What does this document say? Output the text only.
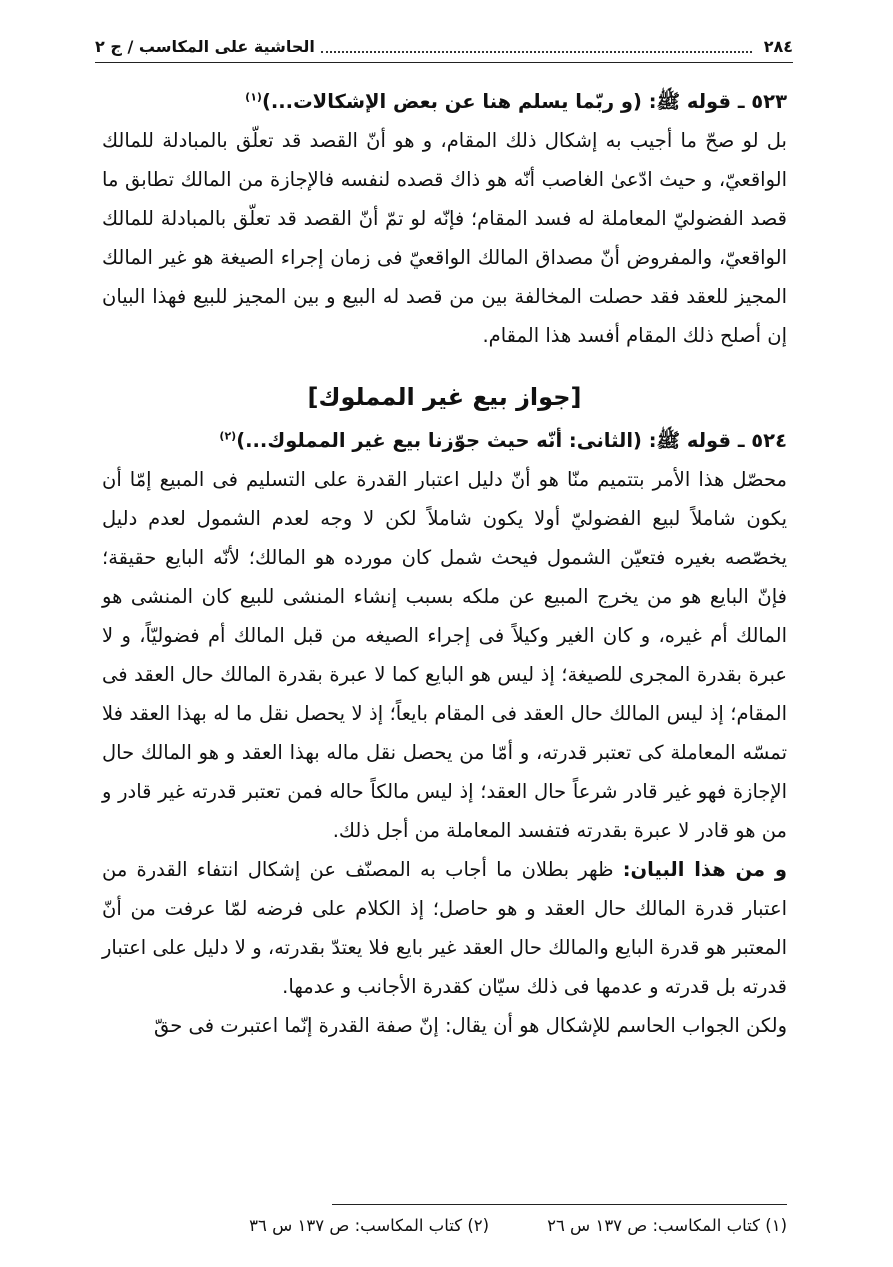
٢٨٤
الحاشية على المكاسب / ج ٢

٥٢٣ ـ قوله ﷺ: (و ربّما يسلم هنا عن بعض الإشكالات...)$^{(١)}$

بل لو صحّ ما أجيب به إشكال ذلك المقام، و هو أنّ القصد قد تعلّق بالمبادلة للمالك الواقعيّ، و حيث ادّعىٰ الغاصب أنّه هو ذاك قصده لنفسه فالإجازة من المالك تطابق ما قصد الفضوليّ المعاملة له فسد المقام؛ فإنّه لو تمّ أنّ القصد قد تعلّق بالمبادلة للمالك الواقعيّ، والمفروض أنّ مصداق المالك الواقعيّ فى زمان إجراء الصيغة هو غير المالك المجيز للعقد فقد حصلت المخالفة بين من قصد له البيع و بين المجيز للبيع فهذا البيان إن أصلح ذلك المقام أفسد هذا المقام.

[جواز بيع غير المملوك]

٥٢٤ ـ قوله ﷺ: (الثانى: أنّه حيث جوّزنا بيع غير المملوك...)$^{(٢)}$

محصّل هذا الأمر بتتميم منّا هو أنّ دليل اعتبار القدرة على التسليم فى المبيع إمّا أن يكون شاملاً لبيع الفضوليّ أولا يكون شاملاً لكن لا وجه لعدم الشمول لعدم دليل يخصّصه بغيره فتعيّن الشمول فيحث شمل كان مورده هو المالك؛ لأنّه البايع حقيقة؛ فإنّ البايع هو من يخرج المبيع عن ملكه بسبب إنشاء المنشى للبيع كان المنشى هو المالك أم غيره، و كان الغير وكيلاً فى إجراء الصيغه من قبل المالك أم فضوليّاً، و لا عبرة بقدرة المجرى للصيغة؛ إذ ليس هو البايع كما لا عبرة بقدرة المالك حال العقد فى المقام؛ إذ ليس المالك حال العقد فى المقام بايعاً؛ إذ لا يحصل نقل ما له بهذا العقد فلا تمسّه المعاملة كى تعتبر قدرته، و أمّا من يحصل نقل ماله بهذا العقد و هو المالك حال الإجازة فهو غير قادر شرعاً حال العقد؛ إذ ليس مالكاً حاله فمن تعتبر قدرته غير قادر و من هو قادر لا عبرة بقدرته فتفسد المعاملة من أجل ذلك.

و من هذا البيان: ظهر بطلان ما أجاب به المصنّف عن إشكال انتفاء القدرة من اعتبار قدرة المالك حال العقد و هو حاصل؛ إذ الكلام على فرضه لمّا عرفت من أنّ المعتبر هو قدرة البايع والمالك حال العقد غير بايع فلا يعتدّ بقدرته، و لا دليل على اعتبار قدرته بل قدرته و عدمها فى ذلك سيّان كقدرة الأجانب و عدمها.

ولكن الجواب الحاسم للإشكال هو أن يقال: إنّ صفة القدرة إنّما اعتبرت فى حقّ

(١) كتاب المكاسب: ص ١٣٧ س ٢٦
(٢) كتاب المكاسب: ص ١٣٧ س ٣٦
